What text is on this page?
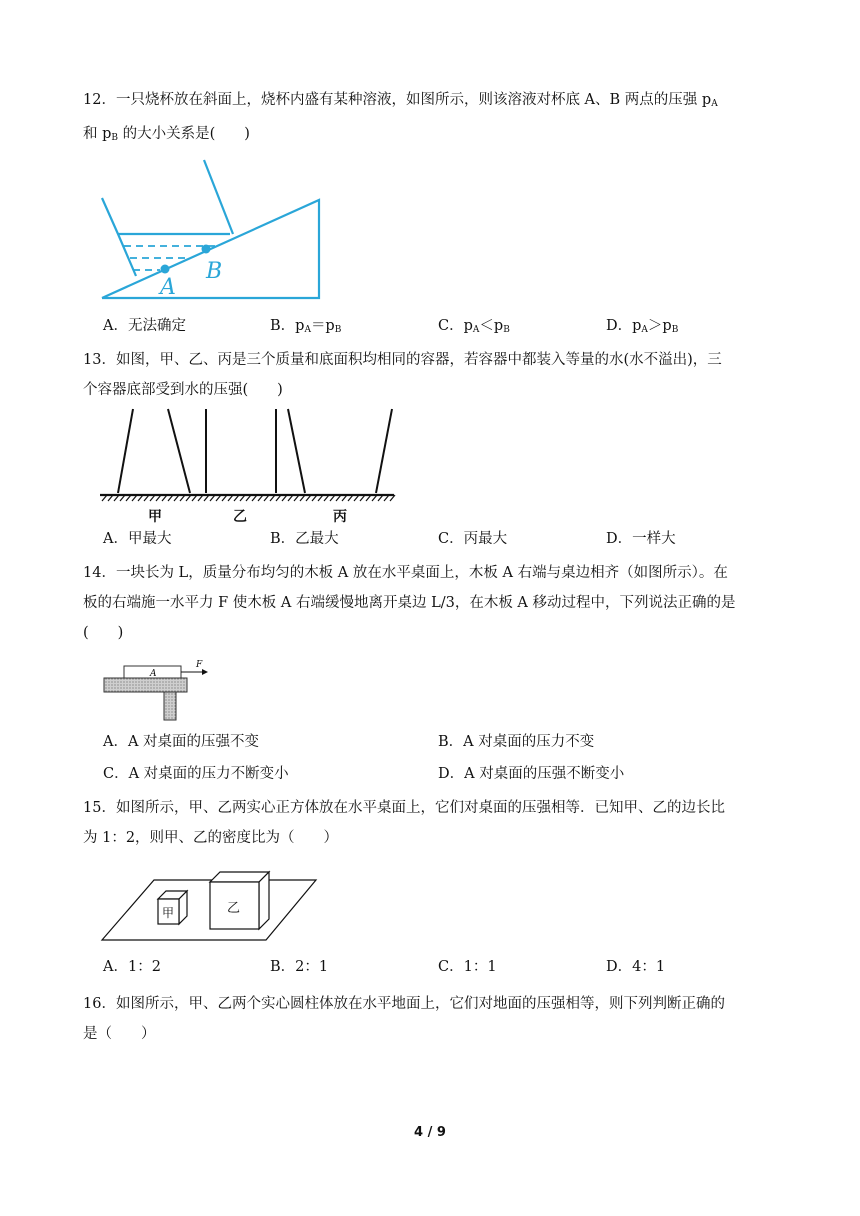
12．一只烧杯放在斜面上，烧杯内盛有某种溶液，如图所示，则该溶液对杯底 A、B 两点的压强 $p_A$
和 $p_B$ 的大小关系是(　　)
A
B
A．无法确定	B．$p_A=p_B$	C．$p_A<p_B$	D．$p_A>p_B$
13．如图，甲、乙、丙是三个质量和底面积均相同的容器，若容器中都装入等量的水(水不溢出)，三
个容器底部受到水的压强(　　)
甲	乙	丙
A．甲最大	B．乙最大	C．丙最大	D．一样大
14．一块长为 L，质量分布均匀的木板 A 放在水平桌面上，木板 A 右端与桌边相齐（如图所示）。在
板的右端施一水平力 F 使木板 A 右端缓慢地离开桌边 L/3，在木板 A 移动过程中，下列说法正确的是
(　　)
A
F
A．A 对桌面的压强不变	B．A 对桌面的压力不变
C．A 对桌面的压力不断变小	D．A 对桌面的压强不断变小
15．如图所示，甲、乙两实心正方体放在水平桌面上，它们对桌面的压强相等．已知甲、乙的边长比
为 1：2，则甲、乙的密度比为（　　）
甲	乙
A．1：2	B．2：1	C．1：1	D．4：1
16．如图所示，甲、乙两个实心圆柱体放在水平地面上，它们对地面的压强相等，则下列判断正确的
是（　　）
4 / 9
